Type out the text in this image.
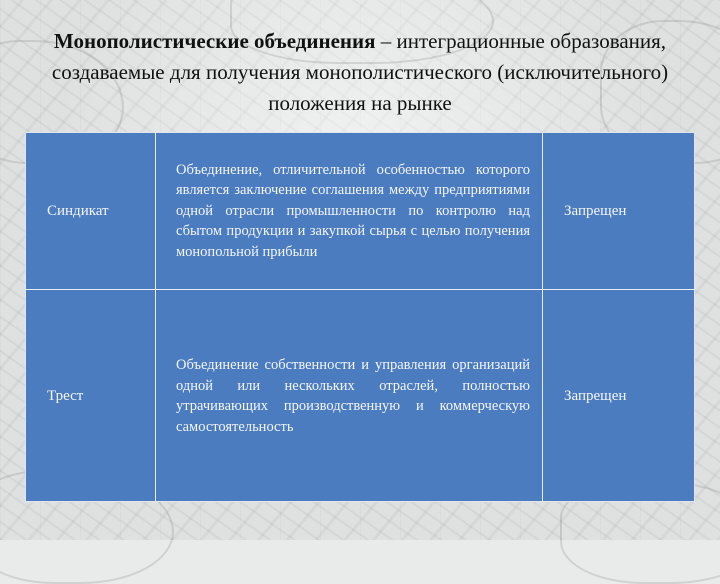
Монополистические объединения – интеграционные образования, создаваемые для получения монополистического (исключительного) положения на рынке
Синдикат
Объединение, отличительной особенностью которого является заключение соглашения между предприятиями одной отрасли промышленности по контролю над сбытом продукции и закупкой сырья с целью получения монопольной прибыли
Запрещен
Трест
Объединение собственности и управления организаций одной или нескольких отраслей, полностью утрачивающих производственную и коммерческую самостоятельность
Запрещен
